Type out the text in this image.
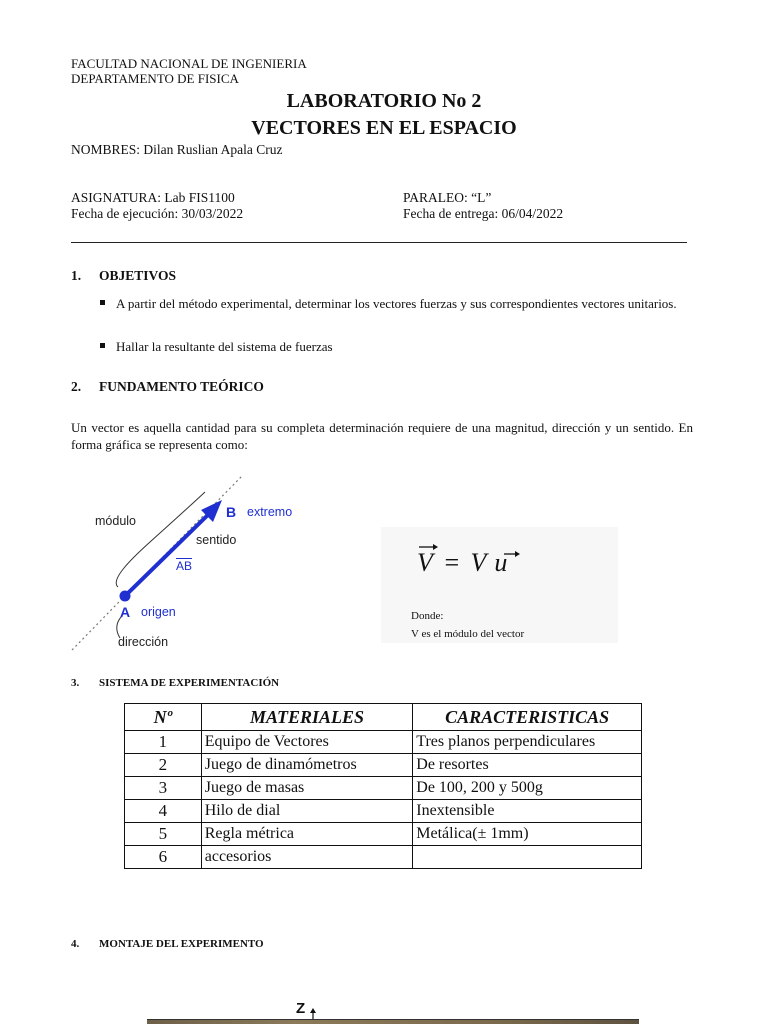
FACULTAD NACIONAL DE INGENIERIA
DEPARTAMENTO DE FISICA
LABORATORIO No 2
VECTORES EN EL ESPACIO
NOMBRES: Dilan Ruslian Apala Cruz
ASIGNATURA: Lab FIS1100
Fecha de ejecución: 30/03/2022
PARALEO: “L”
Fecha de entrega: 06/04/2022
1. OBJETIVOS
A partir del método experimental, determinar los vectores fuerzas y sus correspondientes vectores unitarios.
Hallar la resultante del sistema de fuerzas
2. FUNDAMENTO TEÓRICO
Un vector es aquella cantidad para su completa determinación requiere de una magnitud, dirección y un sentido. En forma gráfica se representa como:
módulo
B extremo
sentido
$\overline{AB}$
A origen
dirección
V = V u
Donde:
V es el módulo del vector
3. SISTEMA DE EXPERIMENTACIÓN
Nº	MATERIALES	CARACTERISTICAS
1	Equipo de Vectores	Tres planos perpendiculares
2	Juego de dinamómetros	De resortes
3	Juego de masas	De 100, 200 y 500g
4	Hilo de dial	Inextensible
5	Regla métrica	Metálica(± 1mm)
6	accesorios	
4. MONTAJE DEL EXPERIMENTO
Z
